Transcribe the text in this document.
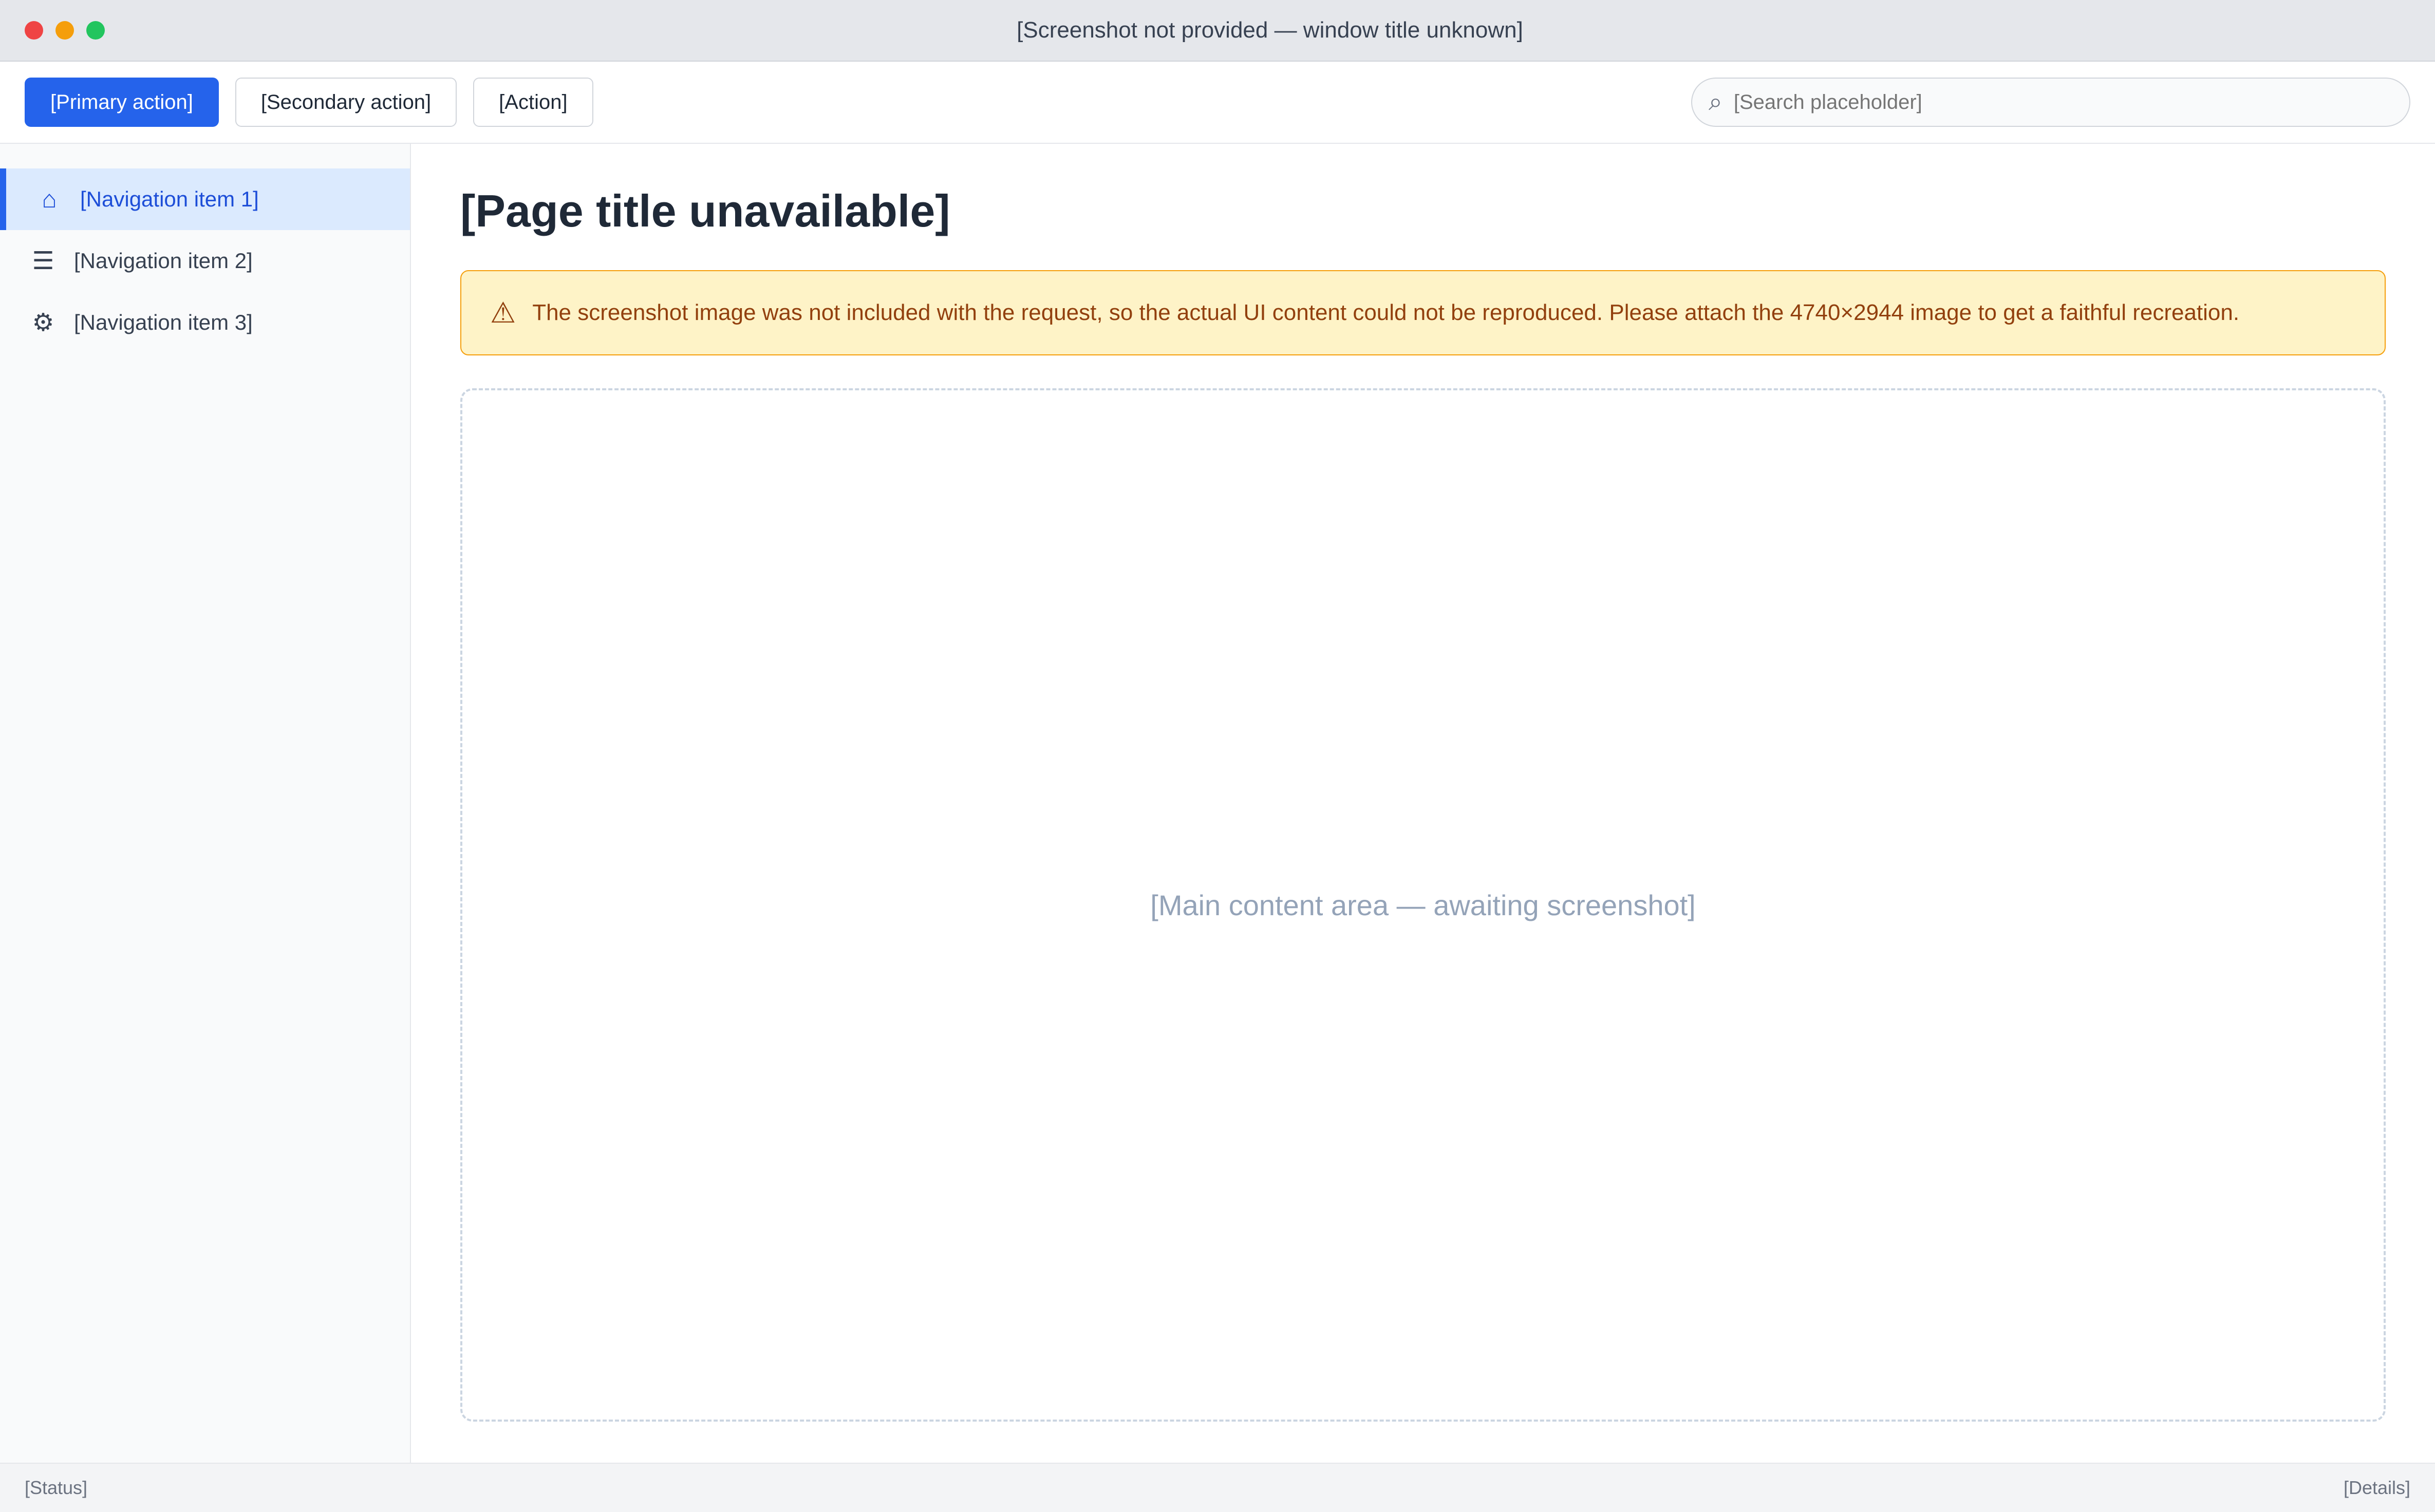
[Screenshot not provided — window title unknown]
[Primary action]	[Secondary action]	[Action]	⌕
[Search placeholder]
⌂	[Navigation item 1]
☰ [Navigation item 2]
⚙ [Navigation item 3]
[Page title unavailable]
⚠ The screenshot image was not included with the request, so the actual UI content could not be reproduced. Please attach the 4740×2944 image to get a faithful recreation.
[Main content area — awaiting screenshot]
[Status]	[Details]
